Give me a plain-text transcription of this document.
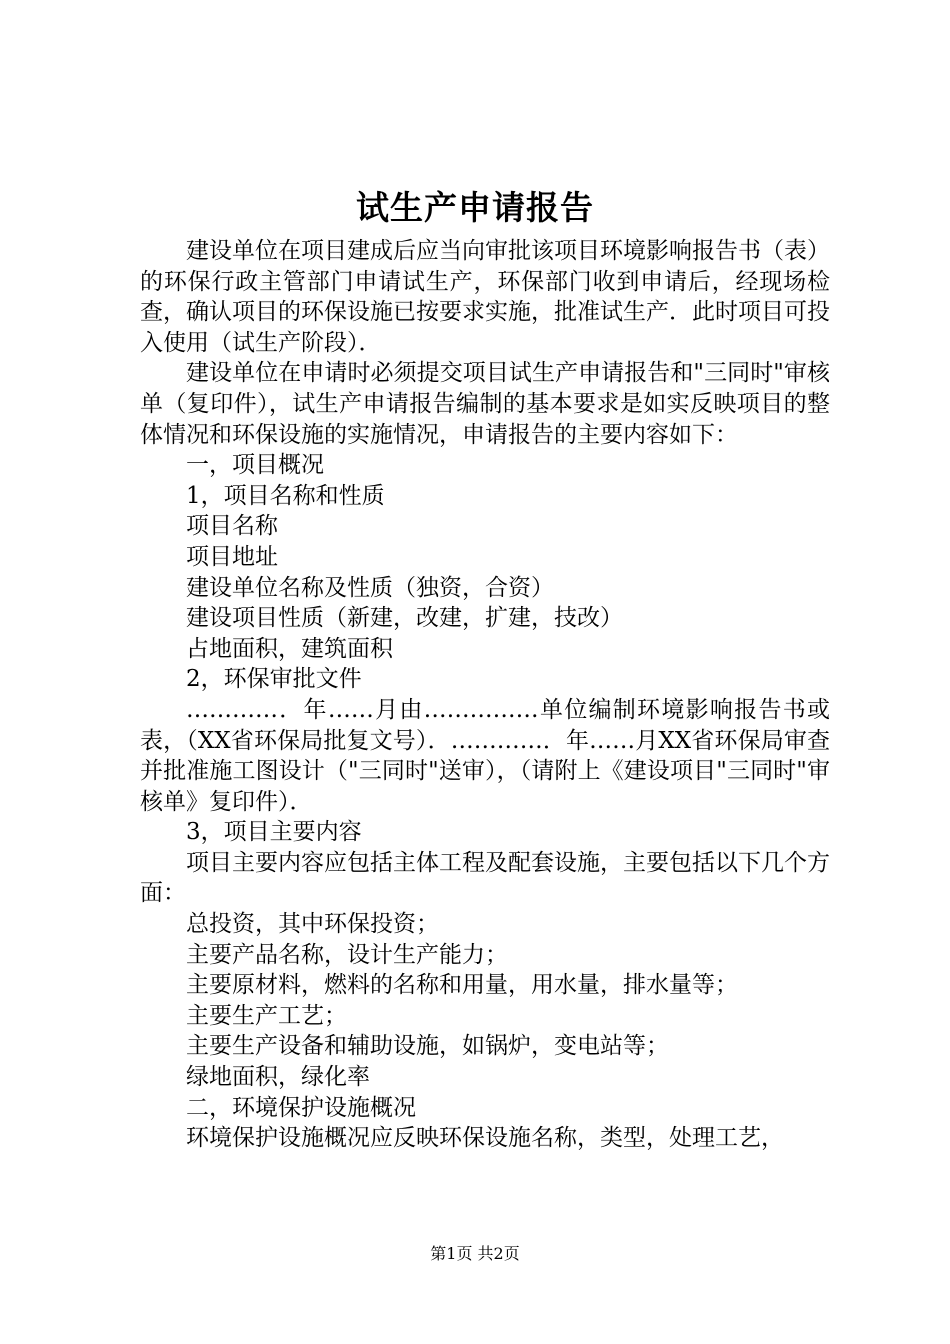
试生产申请报告

建设单位在项目建成后应当向审批该项目环境影响报告书（表）的环保行政主管部门申请试生产，环保部门收到申请后，经现场检查，确认项目的环保设施已按要求实施，批准试生产．此时项目可投入使用（试生产阶段）．

建设单位在申请时必须提交项目试生产申请报告和"三同时"审核单（复印件），试生产申请报告编制的基本要求是如实反映项目的整体情况和环保设施的实施情况，申请报告的主要内容如下：

一，项目概况

1，项目名称和性质

项目名称

项目地址

建设单位名称及性质（独资，合资）

建设项目性质（新建，改建，扩建，技改）

占地面积，建筑面积

2，环保审批文件

…………．年……月由……………单位编制环境影响报告书或表，（XX省环保局批复文号）．…………．年……月XX省环保局审查并批准施工图设计（"三同时"送审），（请附上《建设项目"三同时"审核单》复印件）．

3，项目主要内容

项目主要内容应包括主体工程及配套设施，主要包括以下几个方面：

总投资，其中环保投资；

主要产品名称，设计生产能力；

主要原材料，燃料的名称和用量，用水量，排水量等；

主要生产工艺；

主要生产设备和辅助设施，如锅炉，变电站等；

绿地面积，绿化率

二，环境保护设施概况

环境保护设施概况应反映环保设施名称，类型，处理工艺，

第1页 共2页
